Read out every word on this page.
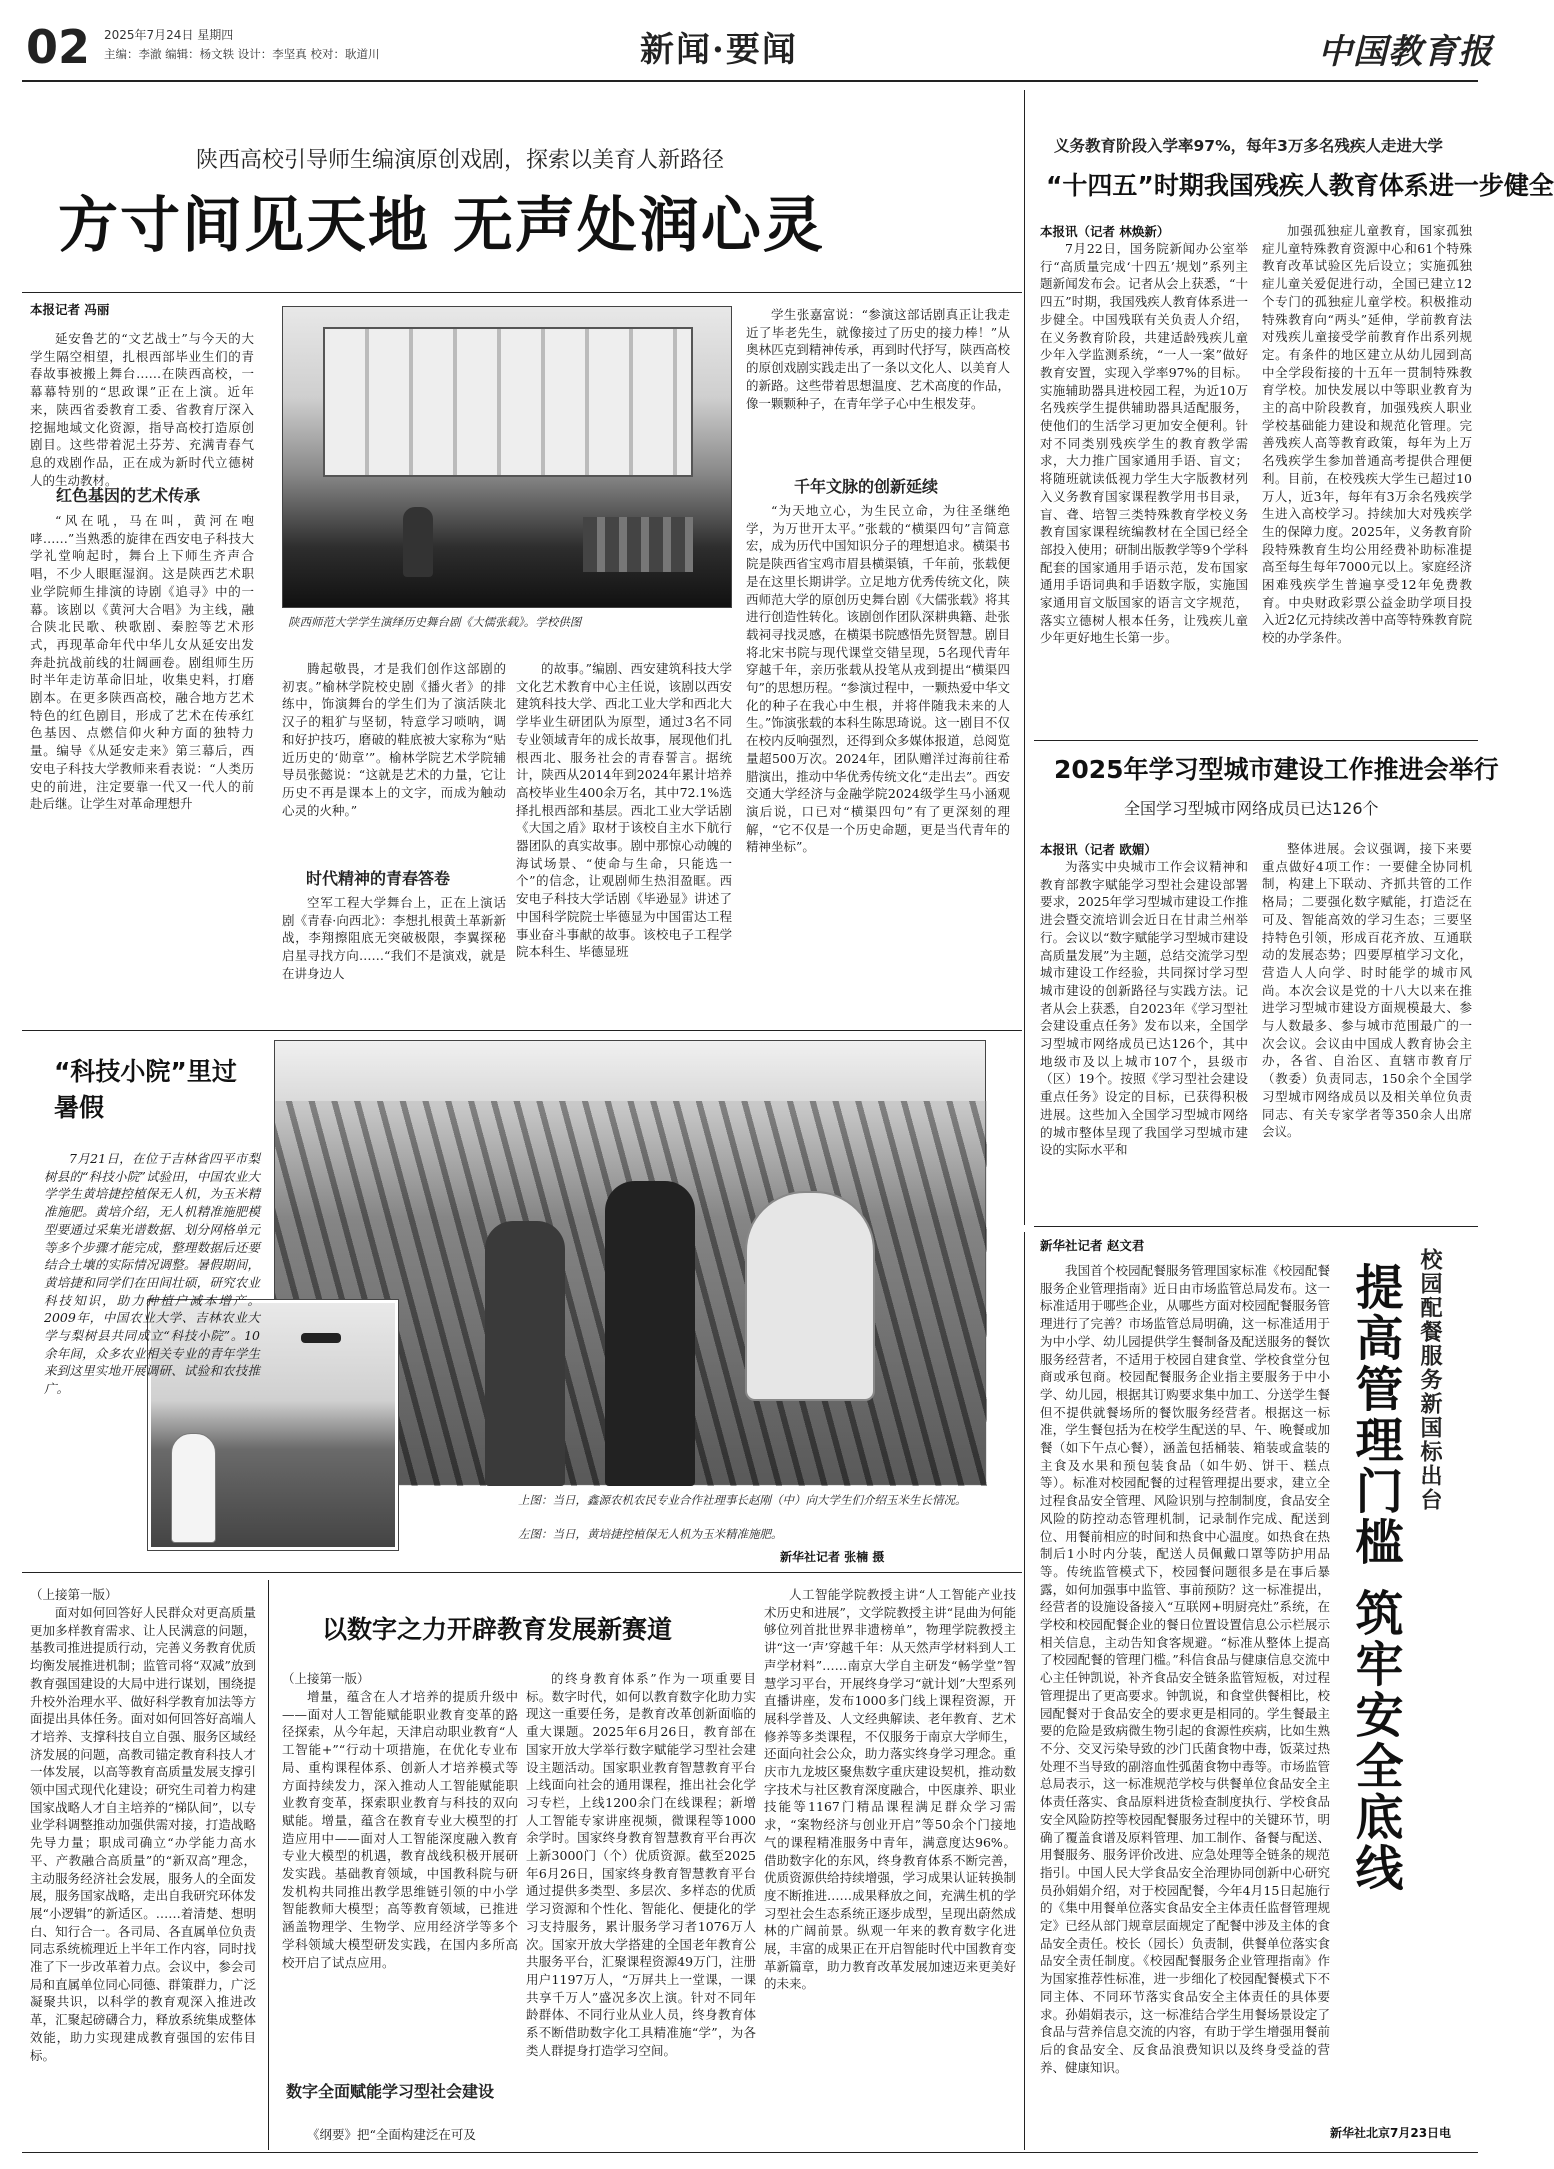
02 2025年7月24日 星期四
主编：李澈 编辑：杨文轶 设计：李坚真 校对：耿道川	新闻·要闻	中国教育报
陕西高校引导师生编演原创戏剧，探索以美育人新路径
方寸间见天地 无声处润心灵
本报记者 冯丽
延安鲁艺的“文艺战士”与今天的大学生隔空相望，扎根西部毕业生们的青春故事被搬上舞台……在陕西高校，一幕幕特别的“思政课”正在上演。近年来，陕西省委教育工委、省教育厅深入挖掘地域文化资源，指导高校打造原创剧目。这些带着泥土芬芳、充满青春气息的戏剧作品，正在成为新时代立德树人的生动教材。
红色基因的艺术传承
“风在吼，马在叫，黄河在咆哮……”当熟悉的旋律在西安电子科技大学礼堂响起时，舞台上下师生齐声合唱，不少人眼眶湿润。这是陕西艺术职业学院师生排演的诗剧《追寻》中的一幕。该剧以《黄河大合唱》为主线，融合陕北民歌、秧歌剧、秦腔等艺术形式，再现革命年代中华儿女从延安出发奔赴抗战前线的壮阔画卷。剧组师生历时半年走访革命旧址，收集史料，打磨剧本。在更多陕西高校，融合地方艺术特色的红色剧目，形成了艺术在传承红色基因、点燃信仰火种方面的独特力量。编导《从延安走来》第三幕后，西安电子科技大学教师来看表说：“人类历史的前进，注定要靠一代又一代人的前赴后继。让学生对革命理想升
陕西师范大学学生演绎历史舞台剧《大儒张载》。学校供图
腾起敬畏，才是我们创作这部剧的初衷。”榆林学院校史剧《播火者》的排练中，饰演舞台的学生们为了演活陕北汉子的粗犷与坚韧，特意学习唢呐，调和好护技巧，磨破的鞋底被大家称为“贴近历史的‘勋章’”。榆林学院艺术学院辅导员张懿说：“这就是艺术的力量，它让历史不再是课本上的文字，而成为触动心灵的火种。”
时代精神的青春答卷
空军工程大学舞台上，正在上演话剧《青春·向西北》：李想扎根黄土革新新战，李翔擦阻底无突破极限，李翼探秘启星寻找方向……“我们不是演戏，就是在讲身边人
的故事。”编剧、西安建筑科技大学文化艺术教育中心主任说，该剧以西安建筑科技大学、西北工业大学和西北大学毕业生研团队为原型，通过3名不同专业领域青年的成长故事，展现他们扎根西北、服务社会的青春誓言。据统计，陕西从2014年到2024年累计培养高校毕业生400余万名，其中72.1%选择扎根西部和基层。西北工业大学话剧《大国之盾》取材于该校自主水下航行器团队的真实故事。剧中那惊心动魄的海试场景、“使命与生命，只能选一个”的信念，让观剧师生热泪盈眶。西安电子科技大学话剧《毕逊显》讲述了中国科学院院士毕德显为中国雷达工程事业奋斗事献的故事。该校电子工程学院本科生、毕德显班
学生张嘉富说：“参演这部话剧真正让我走近了毕老先生，就像接过了历史的接力棒！”从奥林匹克到精神传承，再到时代抒写，陕西高校的原创戏剧实践走出了一条以文化人、以美育人的新路。这些带着思想温度、艺术高度的作品，像一颗颗种子，在青年学子心中生根发芽。
千年文脉的创新延续
“为天地立心，为生民立命，为往圣继绝学，为万世开太平。”张载的“横渠四句”言简意宏，成为历代中国知识分子的理想追求。横渠书院是陕西省宝鸡市眉县横渠镇，千年前，张载便是在这里长期讲学。立足地方优秀传统文化，陕西师范大学的原创历史舞台剧《大儒张载》将其进行创造性转化。该剧创作团队深耕典籍、赴张载祠寻找灵感，在横渠书院感悟先贤智慧。剧目将北宋书院与现代课堂交错呈现，5名现代青年穿越千年，亲历张载从投笔从戎到提出“横渠四句”的思想历程。“参演过程中，一颗热爱中华文化的种子在我心中生根，并将伴随我未来的人生。”饰演张载的本科生陈思琦说。这一剧目不仅在校内反响强烈，还得到众多媒体报道，总阅览量超500万次。2024年，团队赠洋过海前往希腊演出，推动中华优秀传统文化“走出去”。西安交通大学经济与金融学院2024级学生马小涵观演后说，口已对“横渠四句”有了更深刻的理解，“它不仅是一个历史命题，更是当代青年的精神坐标”。
义务教育阶段入学率97%，每年3万多名残疾人走进大学
“十四五”时期我国残疾人教育体系进一步健全
本报讯（记者 林焕新）
7月22日，国务院新闻办公室举行“高质量完成‘十四五’规划”系列主题新闻发布会。记者从会上获悉，“十四五”时期，我国残疾人教育体系进一步健全。中国残联有关负责人介绍，在义务教育阶段，共建适龄残疾儿童少年入学监测系统，“一人一案”做好教育安置，实现入学率97%的目标。实施辅助器具进校园工程，为近10万名残疾学生提供辅助器具适配服务，使他们的生活学习更加安全便利。针对不同类别残疾学生的教育教学需求，大力推广国家通用手语、盲文；将随班就读低视力学生大字版教材列入义务教育国家课程教学用书目录，盲、聋、培智三类特殊教育学校义务教育国家课程统编教材在全国已经全部投入使用；研制出版教学等9个学科配套的国家通用手语示范，发布国家通用手语词典和手语数字版，实施国家通用盲文版国家的语言文字规范，落实立德树人根本任务，让残疾儿童少年更好地生长第一步。
加强孤独症儿童教育，国家孤独症儿童特殊教育资源中心和61个特殊教育改革试验区先后设立；实施孤独症儿童关爱促进行动，全国已建立12个专门的孤独症儿童学校。积极推动特殊教育向“两头”延伸，学前教育法对残疾儿童接受学前教育作出系列规定。有条件的地区建立从幼儿园到高中全学段衔接的十五年一贯制特殊教育学校。加快发展以中等职业教育为主的高中阶段教育，加强残疾人职业学校基础能力建设和规范化管理。完善残疾人高等教育政策，每年为上万名残疾学生参加普通高考提供合理便利。目前，在校残疾大学生已超过10万人，近3年，每年有3万余名残疾学生进入高校学习。持续加大对残疾学生的保障力度。2025年，义务教育阶段特殊教育生均公用经费补助标准提高至每生每年7000元以上。家庭经济困难残疾学生普遍享受12年免费教育。中央财政彩票公益金助学项目投入近2亿元持续改善中高等特殊教育院校的办学条件。
2025年学习型城市建设工作推进会举行
全国学习型城市网络成员已达126个
本报讯（记者 欧媚）
为落实中央城市工作会议精神和教育部教字赋能学习型社会建设部署要求，2025年学习型城市建设工作推进会暨交流培训会近日在甘肃兰州举行。会议以“数字赋能学习型城市建设高质量发展”为主题，总结交流学习型城市建设工作经验，共同探讨学习型城市建设的创新路径与实践方法。记者从会上获悉，自2023年《学习型社会建设重点任务》发布以来，全国学习型城市网络成员已达126个，其中地级市及以上城市107个，县级市（区）19个。按照《学习型社会建设重点任务》设定的目标，已获得积极进展。这些加入全国学习型城市网络的城市整体呈现了我国学习型城市建设的实际水平和
整体进展。会议强调，接下来要重点做好4项工作：一要健全协同机制，构建上下联动、齐抓共管的工作格局；二要强化数字赋能，打造泛在可及、智能高效的学习生态；三要坚持特色引领，形成百花齐放、互通联动的发展态势；四要厚植学习文化，营造人人向学、时时能学的城市风尚。本次会议是党的十八大以来在推进学习型城市建设方面规模最大、参与人数最多、参与城市范围最广的一次会议。会议由中国成人教育协会主办，各省、自治区、直辖市教育厅（教委）负责同志，150余个全国学习型城市网络成员以及相关单位负责同志、有关专家学者等350余人出席会议。
“科技小院”里过暑假
7月21日，在位于吉林省四平市梨树县的“科技小院”试验田，中国农业大学学生黄培捷控植保无人机，为玉米精准施肥。黄培介绍，无人机精准施肥模型要通过采集光谱数据、划分网格单元等多个步骤才能完成，整理数据后还要结合土壤的实际情况调整。暑假期间，黄培捷和同学们在田间壮硕，研究农业科技知识，助力种植户减本增产。2009年，中国农业大学、吉林农业大学与梨树县共同成立“科技小院”。10余年间，众多农业相关专业的青年学生来到这里实地开展调研、试验和农技推广。
上图：当日，鑫源农机农民专业合作社理事长赵刚（中）向大学生们介绍玉米生长情况。
左图：当日，黄培捷控植保无人机为玉米精准施肥。
新华社记者 张楠 摄
（上接第一版）
面对如何回答好人民群众对更高质量更加多样教育需求、让人民满意的问题，基教司推进提质行动，完善义务教育优质均衡发展推进机制；监管司将“双减”放到教育强国建设的大局中进行谋划，围绕提升校外治理水平、做好科学教育加法等方面提出具体任务。面对如何回答好高端人才培养、支撑科技自立自强、服务区域经济发展的问题，高教司锚定教育科技人才一体发展，以高等教育高质量发展支撑引领中国式现代化建设；研究生司着力构建国家战略人才自主培养的“梯队间”，以专业学科调整推动加强供需对接，打造战略先导力量；职成司确立“办学能力高水平、产教融合高质量”的“新双高”理念，主动服务经济社会发展，服务人的全面发展，服务国家战略，走出自我研究环体发展“小逻辑”的新适区。……着清楚、想明白、知行合一。各司局、各直属单位负责同志系统梳理近上半年工作内容，同时找准了下一步改革着力点。会议中，参会司局和直属单位同心同德、群策群力，广泛凝聚共识，以科学的教育观深入推进改革，汇聚起磅礴合力，释放系统集成整体效能，助力实现建成教育强国的宏伟目标。
以数字之力开辟教育发展新赛道
（上接第一版）
增量，蕴含在人才培养的提质升级中——面对人工智能赋能职业教育变革的路径探索，从今年起，天津启动职业教育“人工智能+”“行动十项措施，在优化专业布局、重构课程体系、创新人才培养模式等方面持续发力，深入推动人工智能赋能职业教育变革，探索职业教育与科技的双向赋能。增量，蕴含在教育专业大模型的打造应用中——面对人工智能深度融入教育专业大模型的机遇，教育战线积极开展研发实践。基础教育领域，中国教科院与研发机构共同推出教学思维链引领的中小学智能教师大模型；高等教育领域，已推进涵盖物理学、生物学、应用经济学等多个学科领域大模型研发实践，在国内多所高校开启了试点应用。
数字全面赋能学习型社会建设
《纲要》把“全面构建泛在可及
的终身教育体系”作为一项重要目标。数字时代，如何以教育数字化助力实现这一重要任务，是教育改革创新面临的重大课题。2025年6月26日，教育部在国家开放大学举行数字赋能学习型社会建设主题活动。国家职业教育智慧教育平台上线面向社会的通用课程，推出社会化学习专栏，上线1200余门在线课程；新增人工智能专家讲座视频，微课程等1000余学时。国家终身教育智慧教育平台再次上新3000门（个）优质资源。截至2025年6月26日，国家终身教育智慧教育平台通过提供多类型、多层次、多样态的优质学习资源和个性化、智能化、便捷化的学习支持服务，累计服务学习者1076万人次。国家开放大学搭建的全国老年教育公共服务平台，汇聚课程资源49万门，注册用户1197万人，“万屏共上一堂课，一课共享千万人”盛况多次上演。针对不同年龄群体、不同行业从业人员，终身教育体系不断借助数字化工具精准施“学”，为各类人群提身打造学习空间。
人工智能学院教授主讲“人工智能产业技术历史和进展”，文学院教授主讲“昆曲为何能够位列首批世界非遗榜单”，物理学院教授主讲“这一‘声’穿越千年：从天然声学材料到人工声学材料”……南京大学自主研发“畅学堂”智慧学习平台，开展终身学习“就计划”大型系列直播讲座，发布1000多门线上课程资源，开展科学普及、人文经典解读、老年教育、艺术修养等多类课程，不仅服务于南京大学师生，还面向社会公众，助力落实终身学习理念。重庆市九龙坡区聚焦数字重庆建设契机，推动数字技术与社区教育深度融合，中医康养、职业技能等1167门精品课程满足群众学习需求，“案物经济与创业开启”等50余个门接地气的课程精准服务中青年，满意度达96%。借助数字化的东风，终身教育体系不断完善，优质资源供给持续增强，学习成果认证转换制度不断推进……成果释放之间，充满生机的学习型社会生态系统正逐步成型，呈现出蔚然成林的广阔前景。纵观一年来的教育数字化进展，丰富的成果正在开启智能时代中国教育变革新篇章，助力教育改革发展加速迈来更美好的未来。
新华社记者 赵文君
校园配餐服务新国标出台
提高管理门槛 筑牢安全底线
我国首个校园配餐服务管理国家标准《校园配餐服务企业管理指南》近日由市场监管总局发布。这一标准适用于哪些企业，从哪些方面对校园配餐服务管理进行了完善？市场监管总局明确，这一标准适用于为中小学、幼儿园提供学生餐制备及配送服务的餐饮服务经营者，不适用于校园自建食堂、学校食堂分包商或承包商。校园配餐服务企业指主要服务于中小学、幼儿园，根据其订购要求集中加工、分送学生餐但不提供就餐场所的餐饮服务经营者。根据这一标准，学生餐包括为在校学生配送的早、午、晚餐或加餐（如下午点心餐），涵盖包括桶装、箱装或盒装的主食及水果和预包装食品（如牛奶、饼干、糕点等）。标准对校园配餐的过程管理提出要求，建立全过程食品安全管理、风险识别与控制制度，食品安全风险的防控动态管理机制，记录制作完成、配送到位、用餐前相应的时间和热食中心温度。如热食在热制后1小时内分装，配送人员佩戴口罩等防护用品等。传统监管模式下，校园餐问题很多是在事后暴露，如何加强事中监管、事前预防？这一标准提出，经营者的设施设备接入“互联网+明厨亮灶”系统，在学校和校园配餐企业的餐日位置设置信息公示栏展示相关信息，主动告知食客规避。“标准从整体上提高了校园配餐的管理门槛。”科信食品与健康信息交流中心主任钟凯说，补齐食品安全链条监管短板，对过程管理提出了更高要求。钟凯说，和食堂供餐相比，校园配餐对于食品安全的要求更是相同的。学生餐最主要的危险是致病微生物引起的食源性疾病，比如生熟不分、交叉污染导致的沙门氏菌食物中毒，饭菜过热处理不当导致的副溶血性弧菌食物中毒等。市场监管总局表示，这一标准规范学校与供餐单位食品安全主体责任落实、食品原料进货检查制度执行、学校食品安全风险防控等校园配餐服务过程中的关键环节，明确了覆盖食谱及原料管理、加工制作、备餐与配送、用餐服务、服务评价改进、应急处理等全链条的规范指引。中国人民大学食品安全治理协同创新中心研究员孙娟娟介绍，对于校园配餐，今年4月15日起施行的《集中用餐单位落实食品安全主体责任监督管理规定》已经从部门规章层面规定了配餐中涉及主体的食品安全责任。校长（园长）负责制，供餐单位落实食品安全责任制度。《校园配餐服务企业管理指南》作为国家推荐性标准，进一步细化了校园配餐模式下不同主体、不同环节落实食品安全主体责任的具体要求。孙娟娟表示，这一标准结合学生用餐场景设定了食品与营养信息交流的内容，有助于学生增强用餐前后的食品安全、反食品浪费知识以及终身受益的营养、健康知识。
新华社北京7月23日电
